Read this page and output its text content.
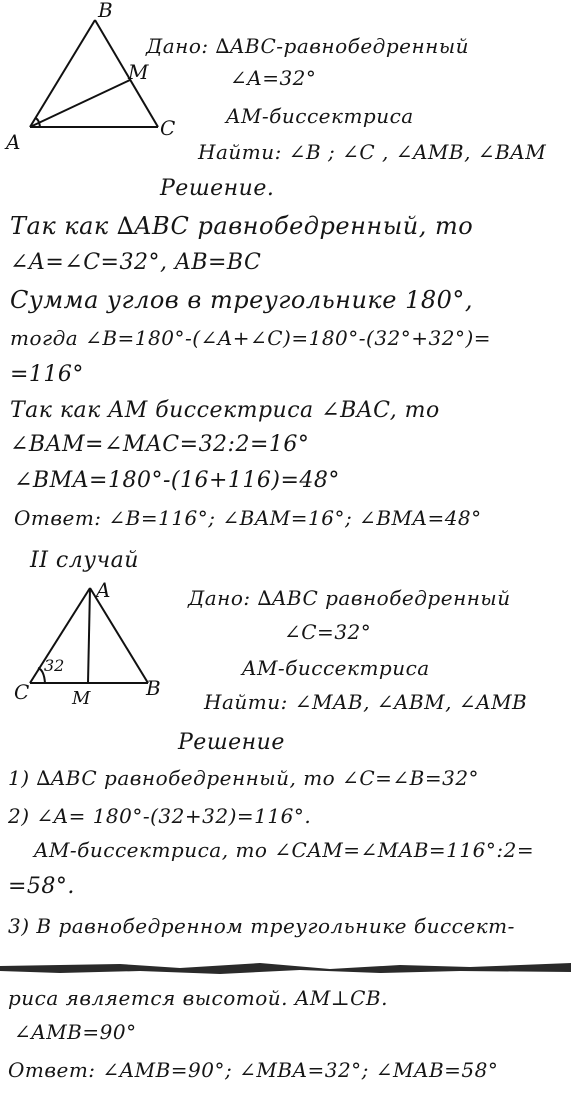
B
M
A
C
Дано: ∆ABC-равнобедренный
∠A=32°
AM-биссектриса
Найти: ∠B ; ∠C , ∠AMB, ∠BAM
Решение.
Так как ∆ABC равнобедренный, то
∠A=∠C=32°, AB=BC
Сумма углов в треугольнике 180°,
тогда ∠B=180°-(∠A+∠C)=180°-(32°+32°)=
=116°
Так как AM биссектриса ∠BAC, то
∠BAM=∠MAC=32:2=16°
∠BMA=180°-(16+116)=48°
Ответ: ∠B=116°; ∠BAM=16°; ∠BMA=48°
II случай
A
C M	B
32
Дано: ∆ABC равнобедренный
∠C=32°
AM-биссектриса
Найти: ∠MAB, ∠ABM, ∠AMB
Решение
1) ∆ABC равнобедренный, то ∠C=∠B=32°
2) ∠A= 180°-(32+32)=116°.
AM-биссектриса, то ∠CAM=∠MAB=116°:2=
=58°.
3) В равнобедренном треугольнике биссект-
риса является высотой. AM⊥CB.
∠AMB=90°
Ответ: ∠AMB=90°; ∠MBA=32°; ∠MAB=58°
